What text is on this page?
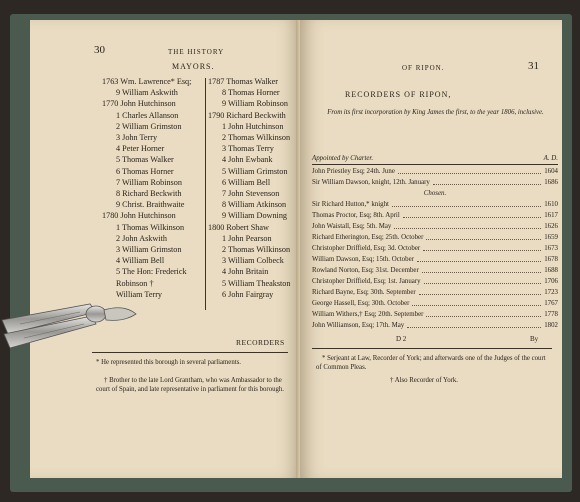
30	THE HISTORY
MAYORS.
1763 Wm. Lawrence* Esq;
9 William Askwith
1770 John Hutchinson
1 Charles Allanson
2 William Grimston
3 John Terry
4 Peter Horner
5 Thomas Walker
6 Thomas Horner
7 William Robinson
8 Richard Beckwith
9 Christ. Braithwaite
1780 John Hutchinson
1 Thomas Wilkinson
2 John Askwith
3 William Grimston
4 William Bell
5 The Hon: Frederick
Robinson †
William Terry
1787 Thomas Walker
8 Thomas Horner
9 William Robinson
1790 Richard Beckwith
1 John Hutchinson
2 Thomas Wilkinson
3 Thomas Terry
4 John Ewbank
5 William Grimston
6 William Bell
7 John Stevenson
8 William Atkinson
9 William Downing
1800 Robert Shaw
1 John Pearson
2 Thomas Wilkinson
3 William Colbeck
4 John Britain
5 William Theakston
6 John Fairgray
RECORDERS
* He represented this borough in several parliaments.
† Brother to the late Lord Grantham, who was Ambassador to the court of Spain, and late representative in parliament for this borough.
OF RIPON.	31
RECORDERS OF RIPON,
From its first incorporation by King James the first, to the year 1806, inclusive.
Appointed by Charter.	A. D.
John Priestley Esq; 24th. June	1604
Sir William Dawson, knight, 12th. January	1686
Chosen.
Sir Richard Hutton,* knight	1610
Thomas Proctor, Esq; 8th. April	1617
John Waistall, Esq; 5th. May	1626
Richard Etherington, Esq; 25th. October	1659
Christopher Driffield, Esq; 3d. October	1673
William Dawson, Esq; 15th. October	1678
Rowland Norton, Esq; 31st. December	1688
Christopher Driffield, Esq; 1st. January	1706
Richard Bayne, Esq; 30th. September	1723
George Hassell, Esq; 30th. October	1767
William Withers,† Esq; 20th. September	1778
John Williamson, Esq; 17th. May	1802
D 2	By
* Serjeant at Law, Recorder of York; and afterwards one of the Judges of the court of Common Pleas.
† Also Recorder of York.
